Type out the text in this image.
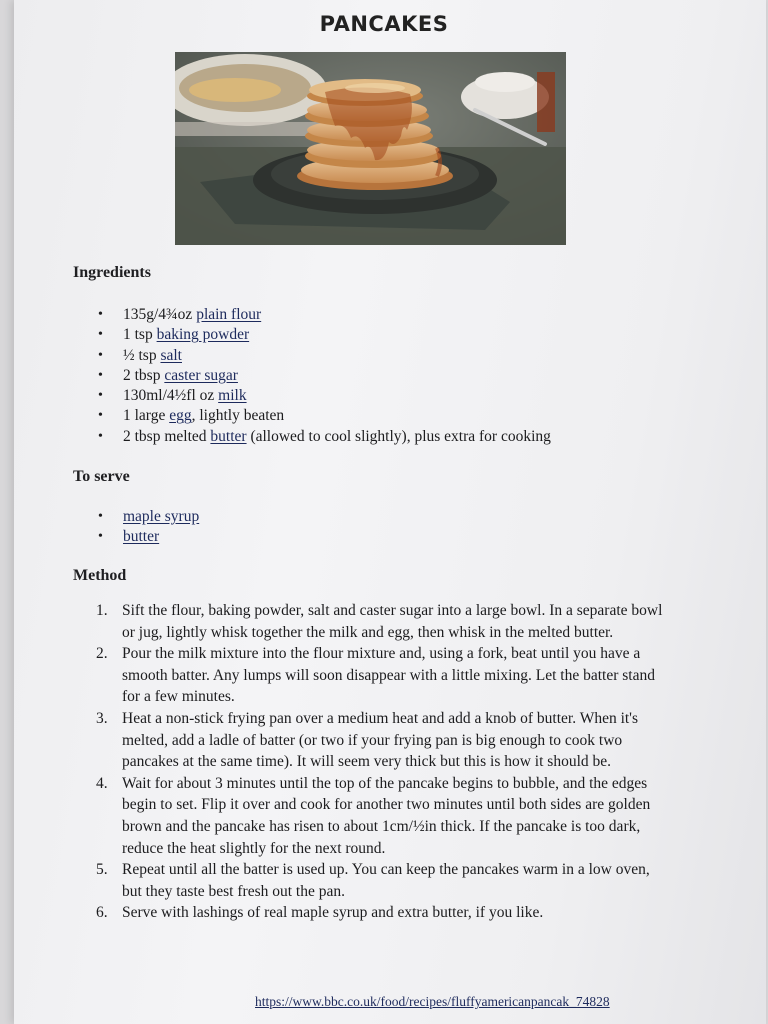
PANCAKES
Ingredients
• 135g/4¾oz plain flour
• 1 tsp baking powder
• ½ tsp salt
• 2 tbsp caster sugar
• 130ml/4½fl oz milk
• 1 large egg, lightly beaten
• 2 tbsp melted butter (allowed to cool slightly), plus extra for cooking
To serve
• maple syrup
• butter
Method
1. Sift the flour, baking powder, salt and caster sugar into a large bowl. In a separate bowl or jug, lightly whisk together the milk and egg, then whisk in the melted butter.
2. Pour the milk mixture into the flour mixture and, using a fork, beat until you have a smooth batter. Any lumps will soon disappear with a little mixing. Let the batter stand for a few minutes.
3. Heat a non-stick frying pan over a medium heat and add a knob of butter. When it's melted, add a ladle of batter (or two if your frying pan is big enough to cook two pancakes at the same time). It will seem very thick but this is how it should be.
4. Wait for about 3 minutes until the top of the pancake begins to bubble, and the edges begin to set. Flip it over and cook for another two minutes until both sides are golden brown and the pancake has risen to about 1cm/½in thick. If the pancake is too dark, reduce the heat slightly for the next round.
5. Repeat until all the batter is used up. You can keep the pancakes warm in a low oven, but they taste best fresh out the pan.
6. Serve with lashings of real maple syrup and extra butter, if you like.
https://www.bbc.co.uk/food/recipes/fluffyamericanpancak_74828
